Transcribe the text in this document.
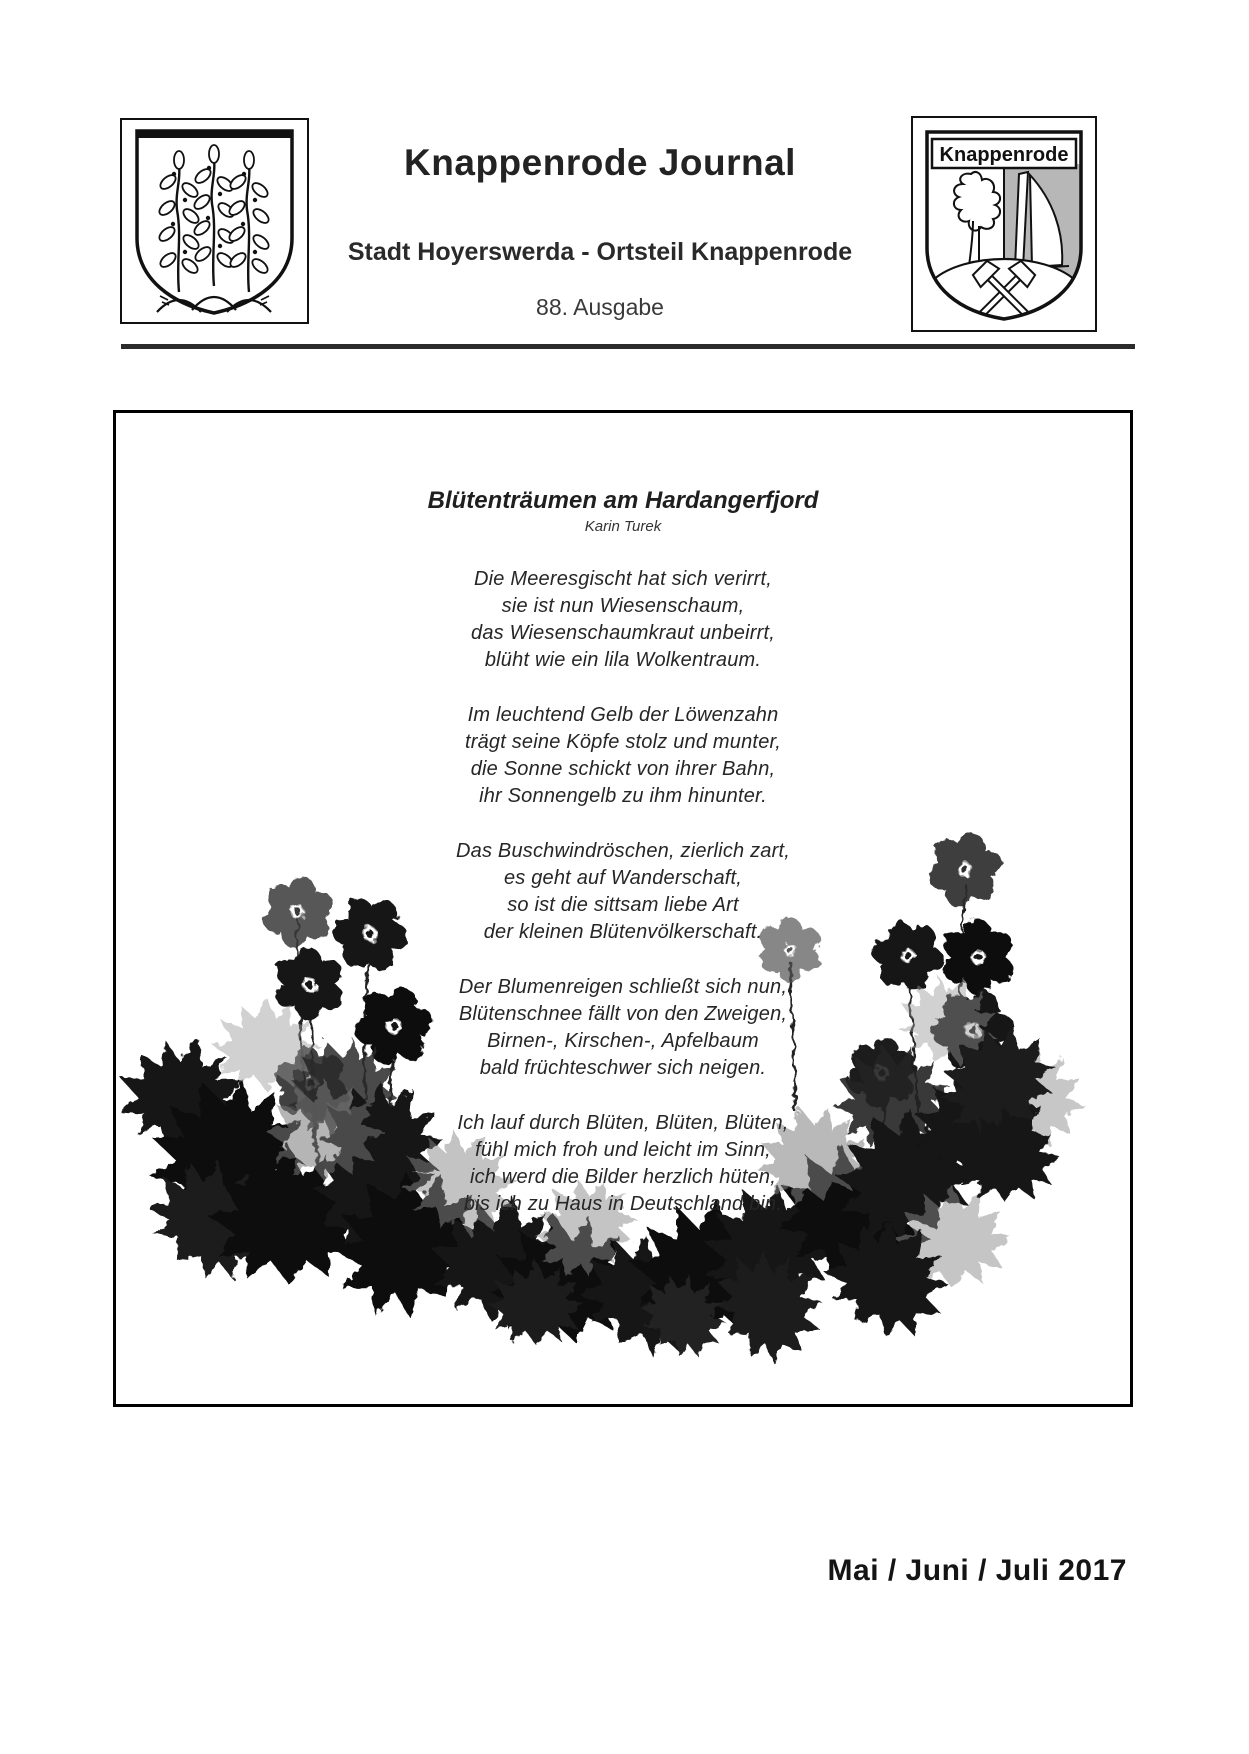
Knappenrode Journal
Stadt Hoyerswerda - Ortsteil Knappenrode
88. Ausgabe
Knappenrode
Blütenträumen am Hardangerfjord
Karin Turek
Die Meeresgischt hat sich verirrt,
sie ist nun Wiesenschaum,
das Wiesenschaumkraut unbeirrt,
blüht wie ein lila Wolkentraum.
Im leuchtend Gelb der Löwenzahn
trägt seine Köpfe stolz und munter,
die Sonne schickt von ihrer Bahn,
ihr Sonnengelb zu ihm hinunter.
Das Buschwindröschen, zierlich zart,
es geht auf Wanderschaft,
so ist die sittsam liebe Art
der kleinen Blütenvölkerschaft.
Der Blumenreigen schließt sich nun,
Blütenschnee fällt von den Zweigen,
Birnen-, Kirschen-, Apfelbaum
bald früchteschwer sich neigen.
Ich lauf durch Blüten, Blüten, Blüten,
fühl mich froh und leicht im Sinn,
ich werd die Bilder herzlich hüten,
bis ich zu Haus in Deutschland bin.
Mai / Juni / Juli 2017
